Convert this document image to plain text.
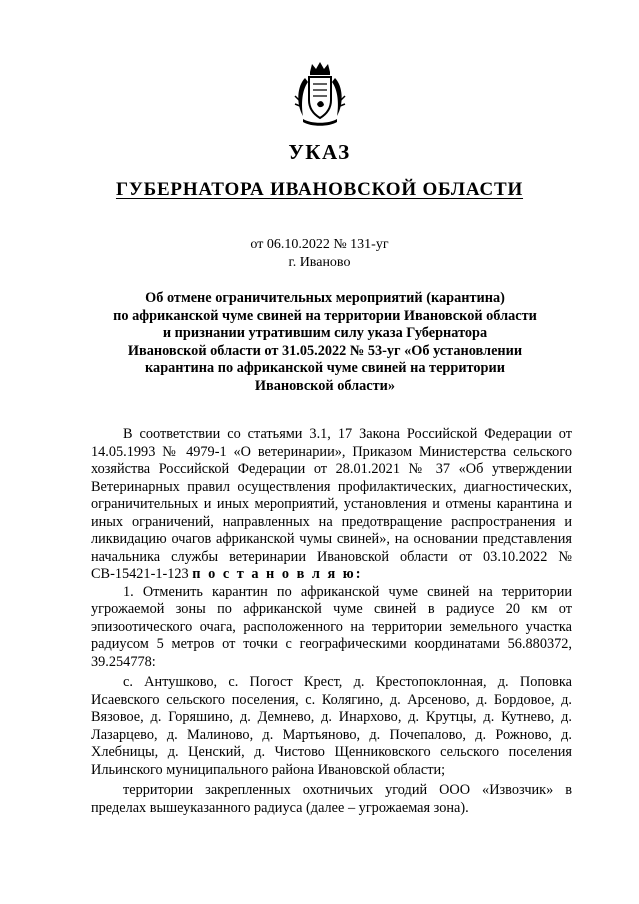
УКАЗ
ГУБЕРНАТОРА ИВАНОВСКОЙ ОБЛАСТИ
от 06.10.2022 № 131-уг
г. Иваново
Об отмене ограничительных мероприятий (карантина)
по африканской чуме свиней на территории Ивановской области
и признании утратившим силу указа Губернатора
Ивановской области от 31.05.2022 № 53-уг «Об установлении
карантина по африканской чуме свиней на территории
Ивановской области»

В соответствии со статьями 3.1, 17 Закона Российской Федерации от 14.05.1993 № 4979-1 «О ветеринарии», Приказом Министерства сельского хозяйства Российской Федерации от 28.01.2021 № 37 «Об утверждении Ветеринарных правил осуществления профилактических, диагностических, ограничительных и иных мероприятий, установления и отмены карантина и иных ограничений, направленных на предотвращение распространения и ликвидацию очагов африканской чумы свиней», на основании представления начальника службы ветеринарии Ивановской области от 03.10.2022 № СВ-15421-1-123 п о с т а н о в л я ю:

1. Отменить карантин по африканской чуме свиней на территории угрожаемой зоны по африканской чуме свиней в радиусе 20 км от эпизоотического очага, расположенного на территории земельного участка радиусом 5 метров от точки с географическими координатами 56.880372, 39.254778:

с. Антушково, с. Погост Крест, д. Крестопоклонная, д. Поповка Исаевского сельского поселения, с. Колягино, д. Арсеново, д. Бордовое, д. Вязовое, д. Горяшино, д. Демнево, д. Инархово, д. Крутцы, д. Кутнево, д. Лазарцево, д. Малиново, д. Мартьяново, д. Почепалово, д. Рожново, д. Хлебницы, д. Ценский, д. Чистово Щенниковского сельского поселения Ильинского муниципального района Ивановской области;

территории закрепленных охотничьих угодий ООО «Извозчик» в пределах вышеуказанного радиуса (далее – угрожаемая зона).
